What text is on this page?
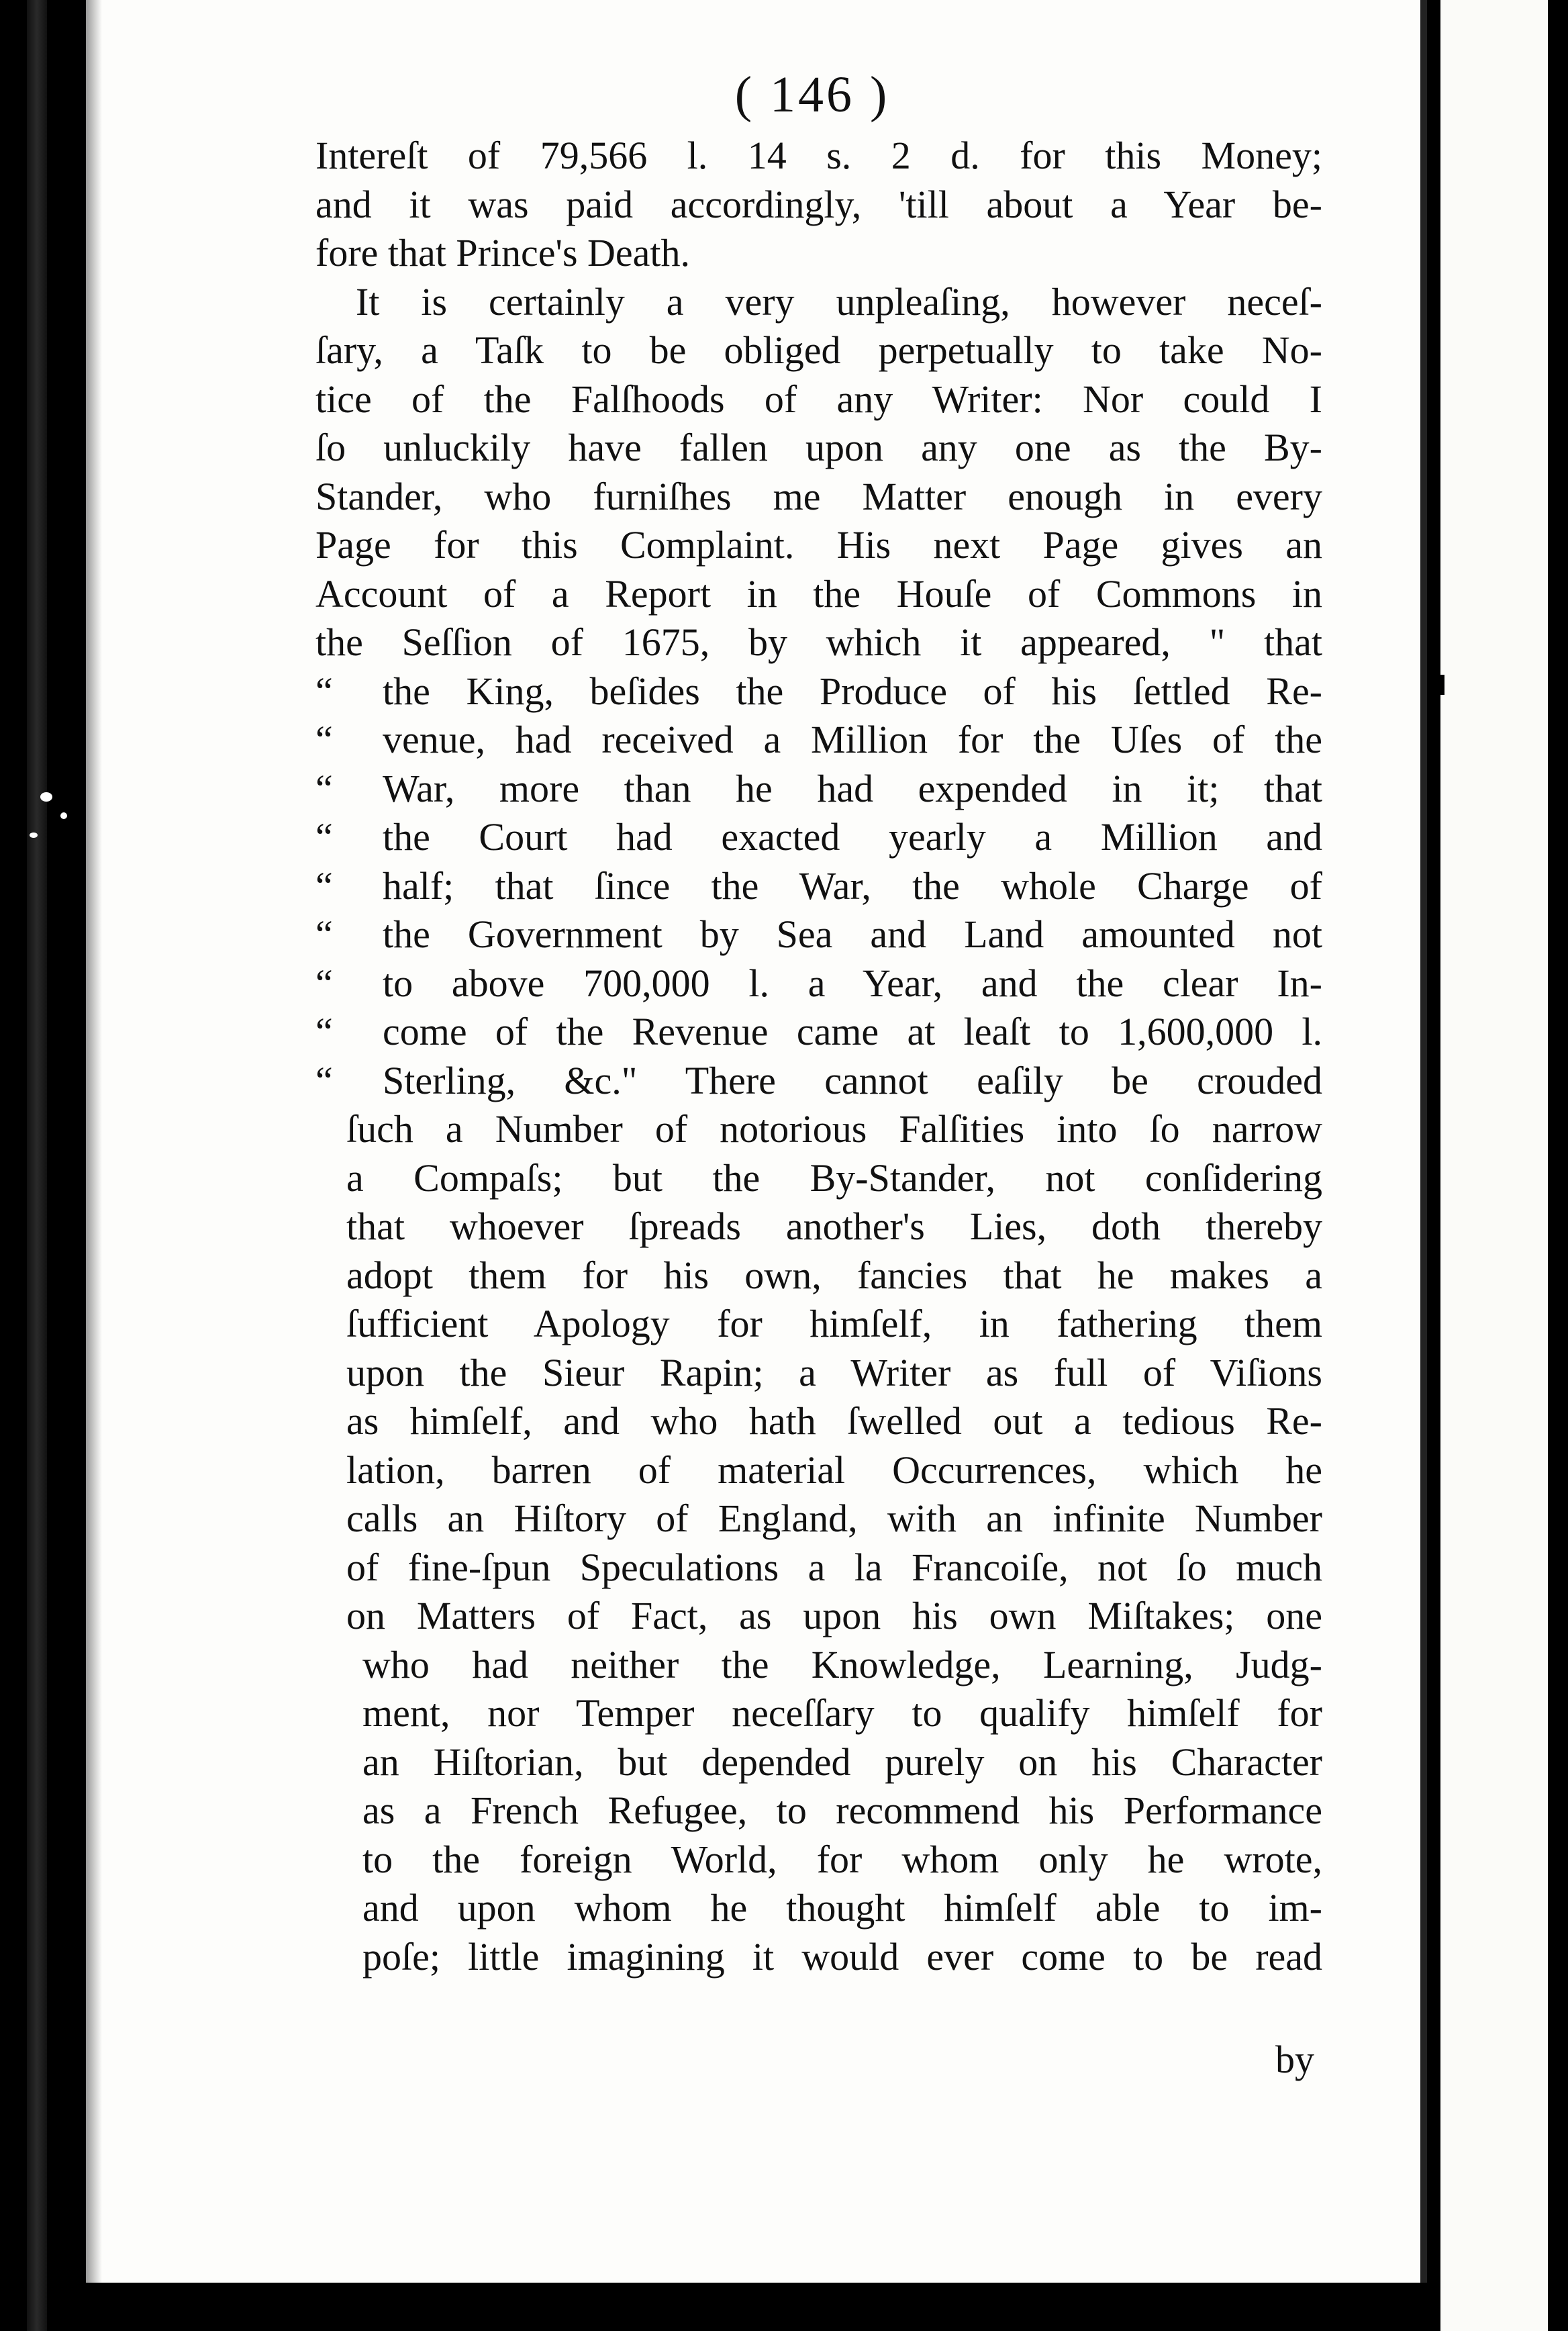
( 146 )
Intereſt of 79,566 l. 14 s. 2 d. for this Money;
and it was paid accordingly, 'till about a Year be-
fore that Prince's Death.
It is certainly a very unpleaſing, however neceſ-
ſary, a Taſk to be obliged perpetually to take No-
tice of the Falſhoods of any Writer: Nor could I
ſo unluckily have fallen upon any one as the By-
Stander, who furniſhes me Matter enough in every
Page for this Complaint. His next Page gives an
Account of a Report in the Houſe of Commons in
the Seſſion of 1675, by which it appeared, " that
“ the King, beſides the Produce of his ſettled Re-
“ venue, had received a Million for the Uſes of the
“ War, more than he had expended in it; that
“ the Court had exacted yearly a Million and
“ half; that ſince the War, the whole Charge of
“ the Government by Sea and Land amounted not
“ to above 700,000 l. a Year, and the clear In-
“ come of the Revenue came at leaſt to 1,600,000 l.
“ Sterling, &c." There cannot eaſily be crouded
ſuch a Number of notorious Falſities into ſo narrow
a Compaſs; but the By-Stander, not conſidering
that whoever ſpreads another's Lies, doth thereby
adopt them for his own, fancies that he makes a
ſufficient Apology for himſelf, in fathering them
upon the Sieur Rapin; a Writer as full of Viſions
as himſelf, and who hath ſwelled out a tedious Re-
lation, barren of material Occurrences, which he
calls an Hiſtory of England, with an infinite Number
of fine-ſpun Speculations a la Francoiſe, not ſo much
on Matters of Fact, as upon his own Miſtakes; one
who had neither the Knowledge, Learning, Judg-
ment, nor Temper neceſſary to qualify himſelf for
an Hiſtorian, but depended purely on his Character
as a French Refugee, to recommend his Performance
to the foreign World, for whom only he wrote,
and upon whom he thought himſelf able to im-
poſe; little imagining it would ever come to be read
by
